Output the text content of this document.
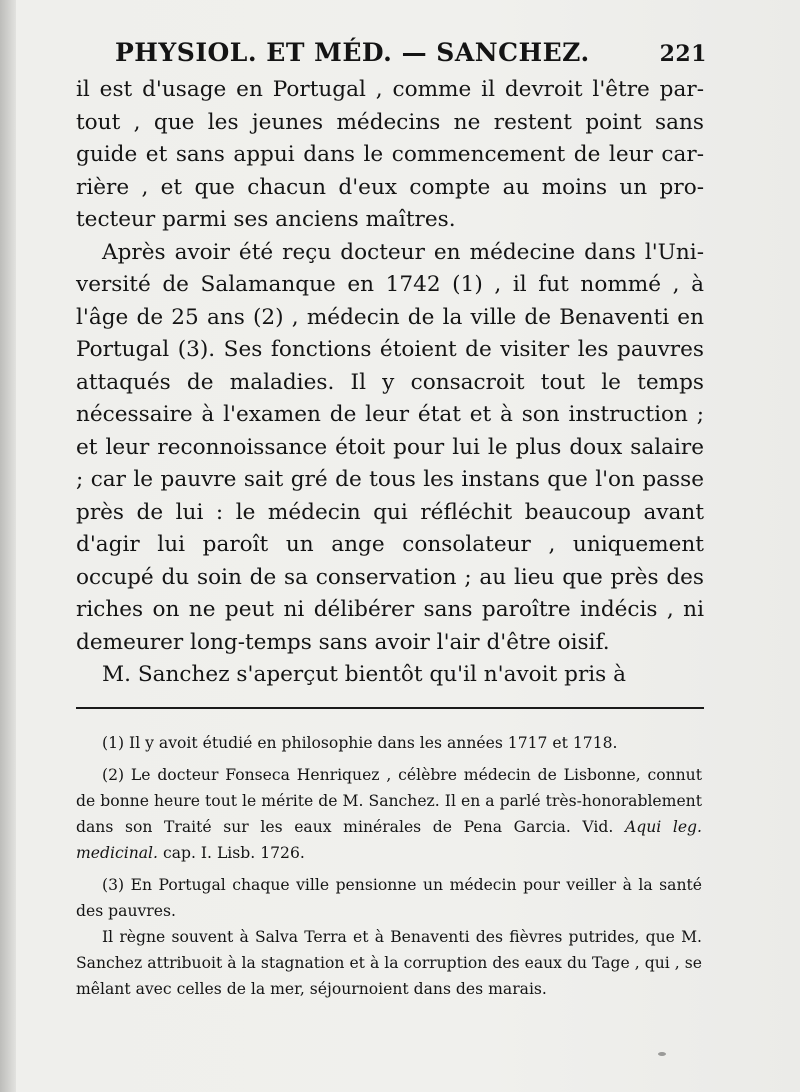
PHYSIOL. ET MÉD. — SANCHEZ.	221

il est d'usage en Portugal , comme il devroit l'être partout , que les jeunes médecins ne restent point sans guide et sans appui dans le commencement de leur carrière , et que chacun d'eux compte au moins un protecteur parmi ses anciens maîtres.

Après avoir été reçu docteur en médecine dans l'Université de Salamanque en 1742 (1) , il fut nommé , à l'âge de 25 ans (2) , médecin de la ville de Benaventi en Portugal (3). Ses fonctions étoient de visiter les pauvres attaqués de maladies. Il y consacroit tout le temps nécessaire à l'examen de leur état et à son instruction ; et leur reconnoissance étoit pour lui le plus doux salaire ; car le pauvre sait gré de tous les instans que l'on passe près de lui : le médecin qui réfléchit beaucoup avant d'agir lui paroît un ange consolateur , uniquement occupé du soin de sa conservation ; au lieu que près des riches on ne peut ni délibérer sans paroître indécis , ni demeurer long-temps sans avoir l'air d'être oisif.

M. Sanchez s'aperçut bientôt qu'il n'avoit pris à

(1) Il y avoit étudié en philosophie dans les années 1717 et 1718.

(2) Le docteur Fonseca Henriquez , célèbre médecin de Lisbonne, connut de bonne heure tout le mérite de M. Sanchez. Il en a parlé très-honorablement dans son Traité sur les eaux minérales de Pena Garcia. Vid. Aqui leg. medicinal. cap. I. Lisb. 1726.

(3) En Portugal chaque ville pensionne un médecin pour veiller à la santé des pauvres.

Il règne souvent à Salva Terra et à Benaventi des fièvres putrides, que M. Sanchez attribuoit à la stagnation et à la corruption des eaux du Tage , qui , se mêlant avec celles de la mer, séjournoient dans des marais.
